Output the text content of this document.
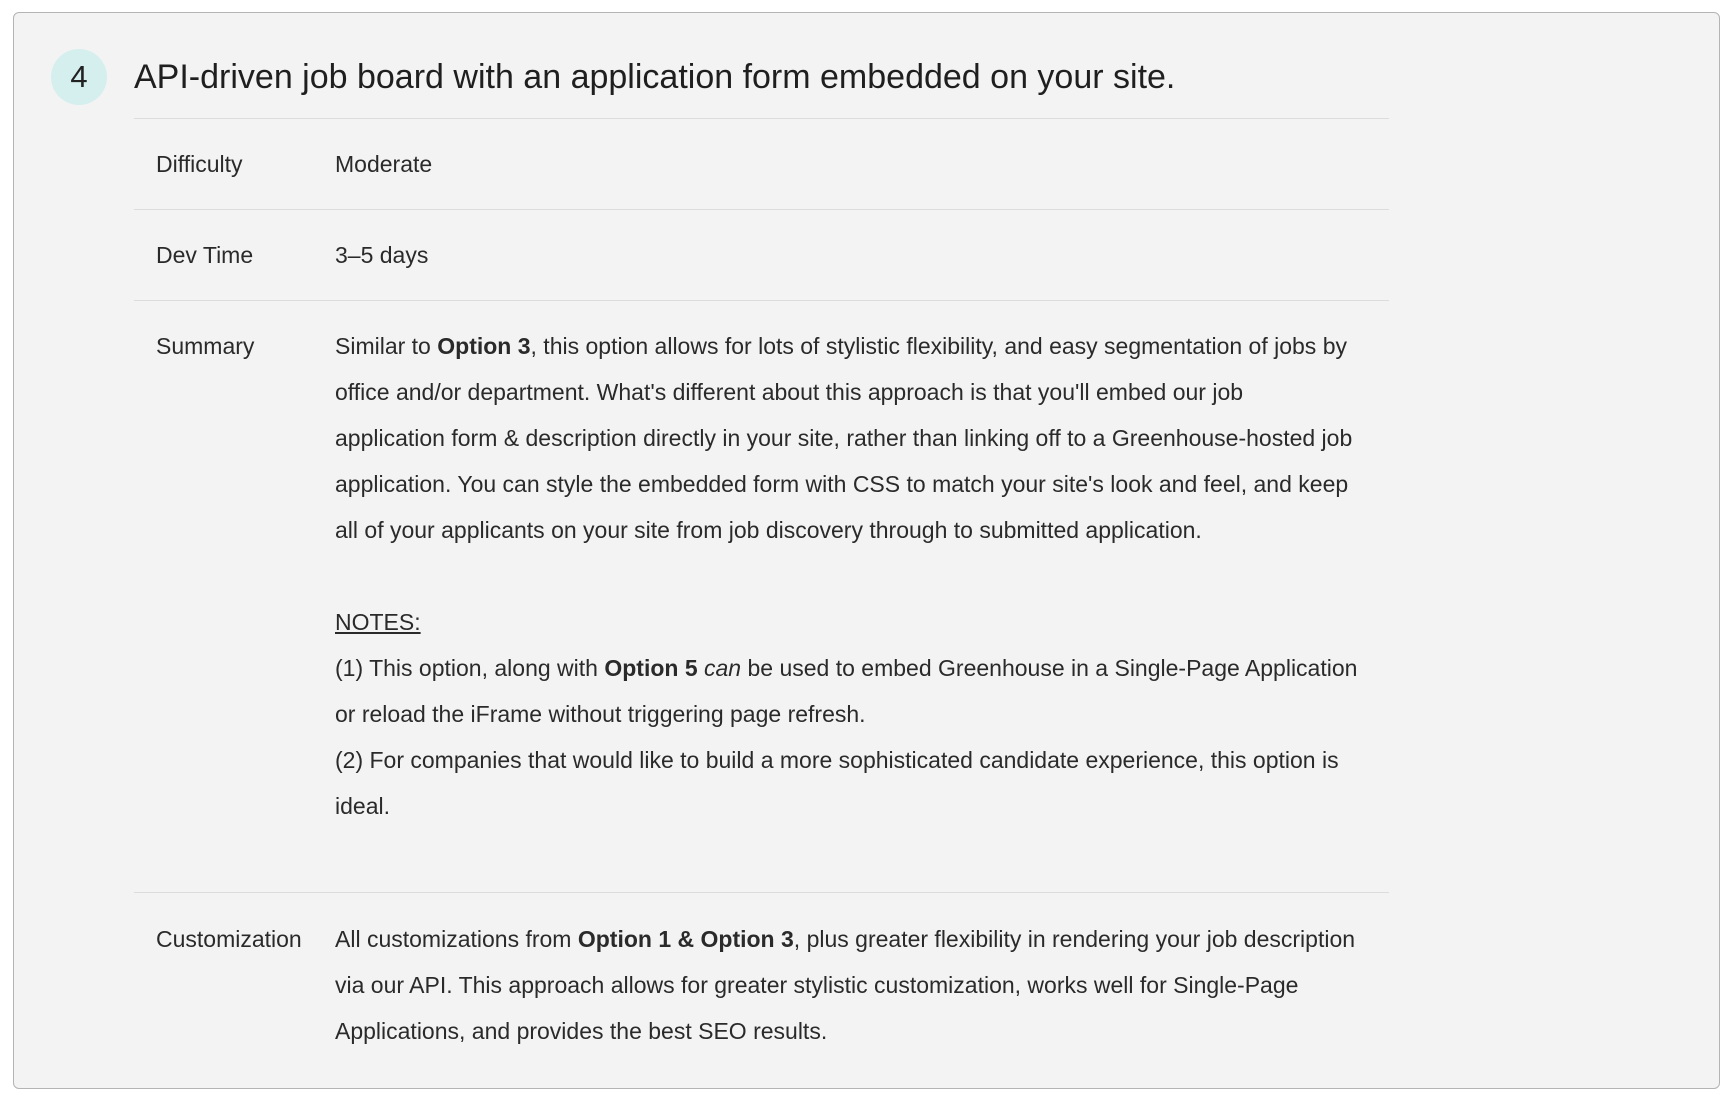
4	API-driven job board with an application form embedded on your site.
Difficulty	Moderate
Dev Time	3–5 days
Summary	Similar to Option 3, this option allows for lots of stylistic flexibility, and easy segmentation of jobs by office and/or department. What's different about this approach is that you'll embed our job application form & description directly in your site, rather than linking off to a Greenhouse-hosted job application. You can style the embedded form with CSS to match your site's look and feel, and keep all of your applicants on your site from job discovery through to submitted application.

NOTES:

(1) This option, along with Option 5 can be used to embed Greenhouse in a Single-Page Application or reload the iFrame without triggering page refresh.

(2) For companies that would like to build a more sophisticated candidate experience, this option is ideal.

Customization	All customizations from Option 1 & Option 3, plus greater flexibility in rendering your job description via our API. This approach allows for greater stylistic customization, works well for Single-Page Applications, and provides the best SEO results.
